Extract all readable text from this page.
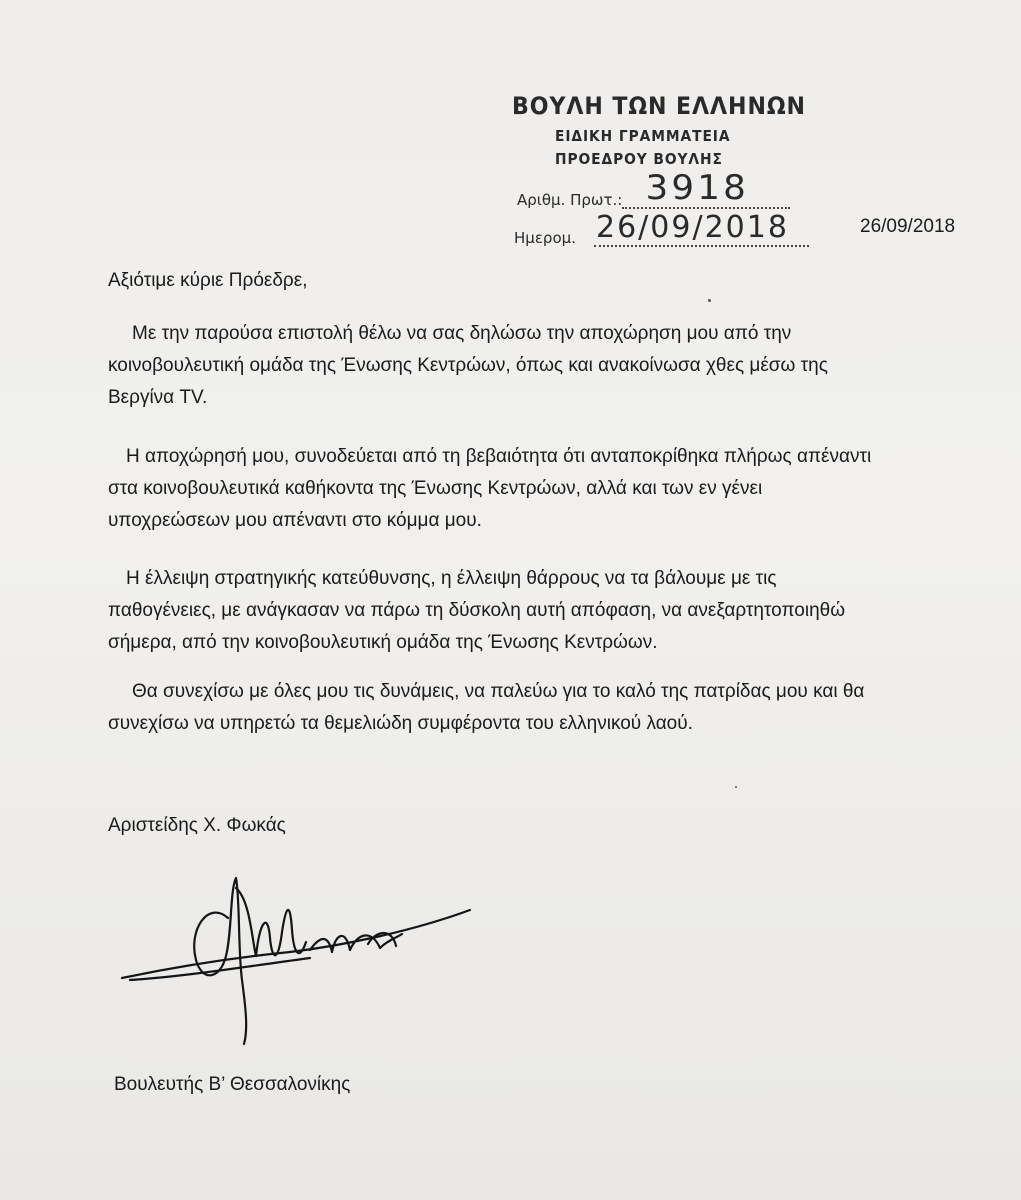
ΒΟΥΛΗ ΤΩΝ ΕΛΛΗΝΩΝ
ΕΙΔΙΚΗ ΓΡΑΜΜΑΤΕΙΑ
ΠΡΟΕΔΡΟΥ ΒΟΥΛΗΣ
Αριθμ. Πρωτ.: 3918
Ημερομ. 26/09/2018	26/09/2018
Αξιότιμε κύριε Πρόεδρε,

Με την παρούσα επιστολή θέλω να σας δηλώσω την αποχώρηση μου από την
κοινοβουλευτική ομάδα της Ένωσης Κεντρώων, όπως και ανακοίνωσα χθες μέσω της
Βεργίνα TV.

Η αποχώρησή μου, συνοδεύεται από τη βεβαιότητα ότι ανταποκρίθηκα πλήρως απέναντι
στα κοινοβουλευτικά καθήκοντα της Ένωσης Κεντρώων, αλλά και των εν γένει
υποχρεώσεων μου απέναντι στο κόμμα μου.

Η έλλειψη στρατηγικής κατεύθυνσης, η έλλειψη θάρρους να τα βάλουμε με τις
παθογένειες, με ανάγκασαν να πάρω τη δύσκολη αυτή απόφαση, να ανεξαρτητοποιηθώ
σήμερα, από την κοινοβουλευτική ομάδα της Ένωσης Κεντρώων.

Θα συνεχίσω με όλες μου τις δυνάμεις, να παλεύω για το καλό της πατρίδας μου και θα
συνεχίσω να υπηρετώ τα θεμελιώδη συμφέροντα του ελληνικού λαού.

Αριστείδης Χ. Φωκάς
Βουλευτής Β’ Θεσσαλονίκης
